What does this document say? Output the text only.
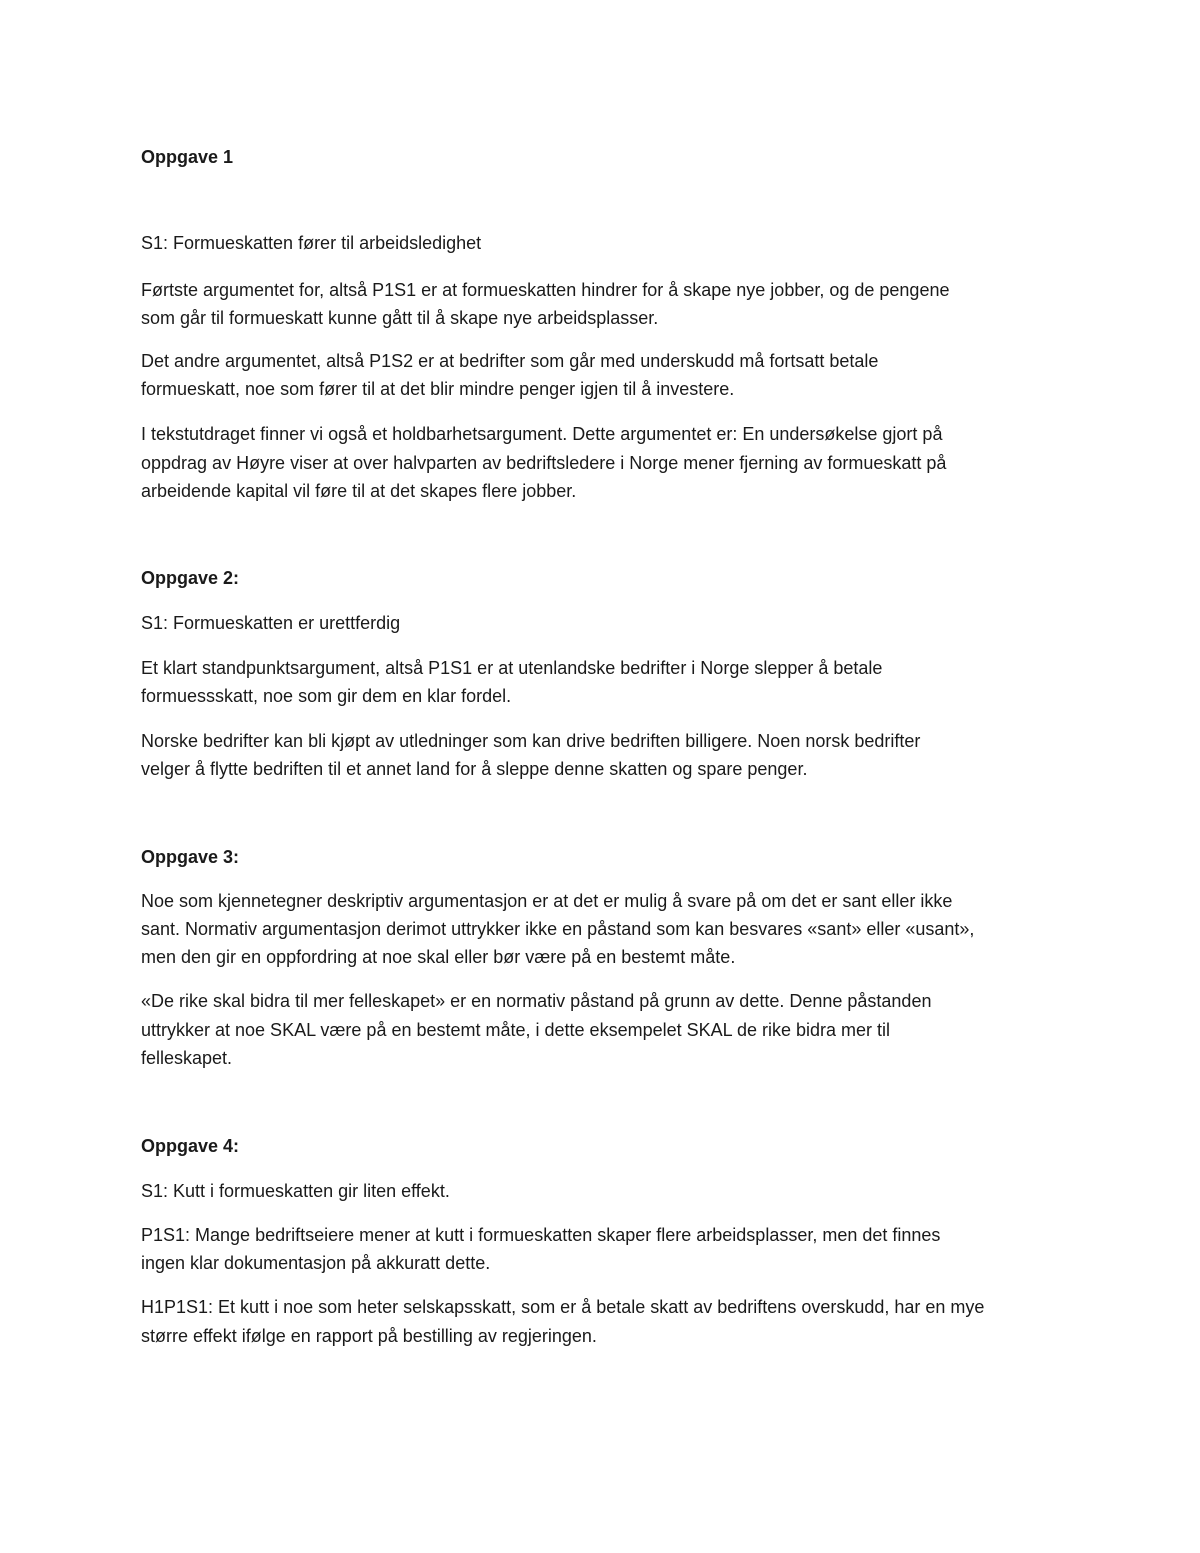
Oppgave 1
S1: Formueskatten fører til arbeidsledighet
Førtste argumentet for, altså P1S1 er at formueskatten hindrer for å skape nye jobber, og de pengene
som går til formueskatt kunne gått til å skape nye arbeidsplasser.
Det andre argumentet, altså P1S2 er at bedrifter som går med underskudd må fortsatt betale
formueskatt, noe som fører til at det blir mindre penger igjen til å investere.
I tekstutdraget finner vi også et holdbarhetsargument. Dette argumentet er: En undersøkelse gjort på
oppdrag av Høyre viser at over halvparten av bedriftsledere i Norge mener fjerning av formueskatt på
arbeidende kapital vil føre til at det skapes flere jobber.
Oppgave 2:
S1: Formueskatten er urettferdig
Et klart standpunktsargument, altså P1S1 er at utenlandske bedrifter i Norge slepper å betale
formuessskatt, noe som gir dem en klar fordel.
Norske bedrifter kan bli kjøpt av utledninger som kan drive bedriften billigere. Noen norsk bedrifter
velger å flytte bedriften til et annet land for å sleppe denne skatten og spare penger.
Oppgave 3:
Noe som kjennetegner deskriptiv argumentasjon er at det er mulig å svare på om det er sant eller ikke
sant. Normativ argumentasjon derimot uttrykker ikke en påstand som kan besvares «sant» eller «usant»,
men den gir en oppfordring at noe skal eller bør være på en bestemt måte.
«De rike skal bidra til mer felleskapet» er en normativ påstand på grunn av dette. Denne påstanden
uttrykker at noe SKAL være på en bestemt måte, i dette eksempelet SKAL de rike bidra mer til
felleskapet.
Oppgave 4:
S1: Kutt i formueskatten gir liten effekt.
P1S1: Mange bedriftseiere mener at kutt i formueskatten skaper flere arbeidsplasser, men det finnes
ingen klar dokumentasjon på akkuratt dette.
H1P1S1: Et kutt i noe som heter selskapsskatt, som er å betale skatt av bedriftens overskudd, har en mye
større effekt ifølge en rapport på bestilling av regjeringen.
